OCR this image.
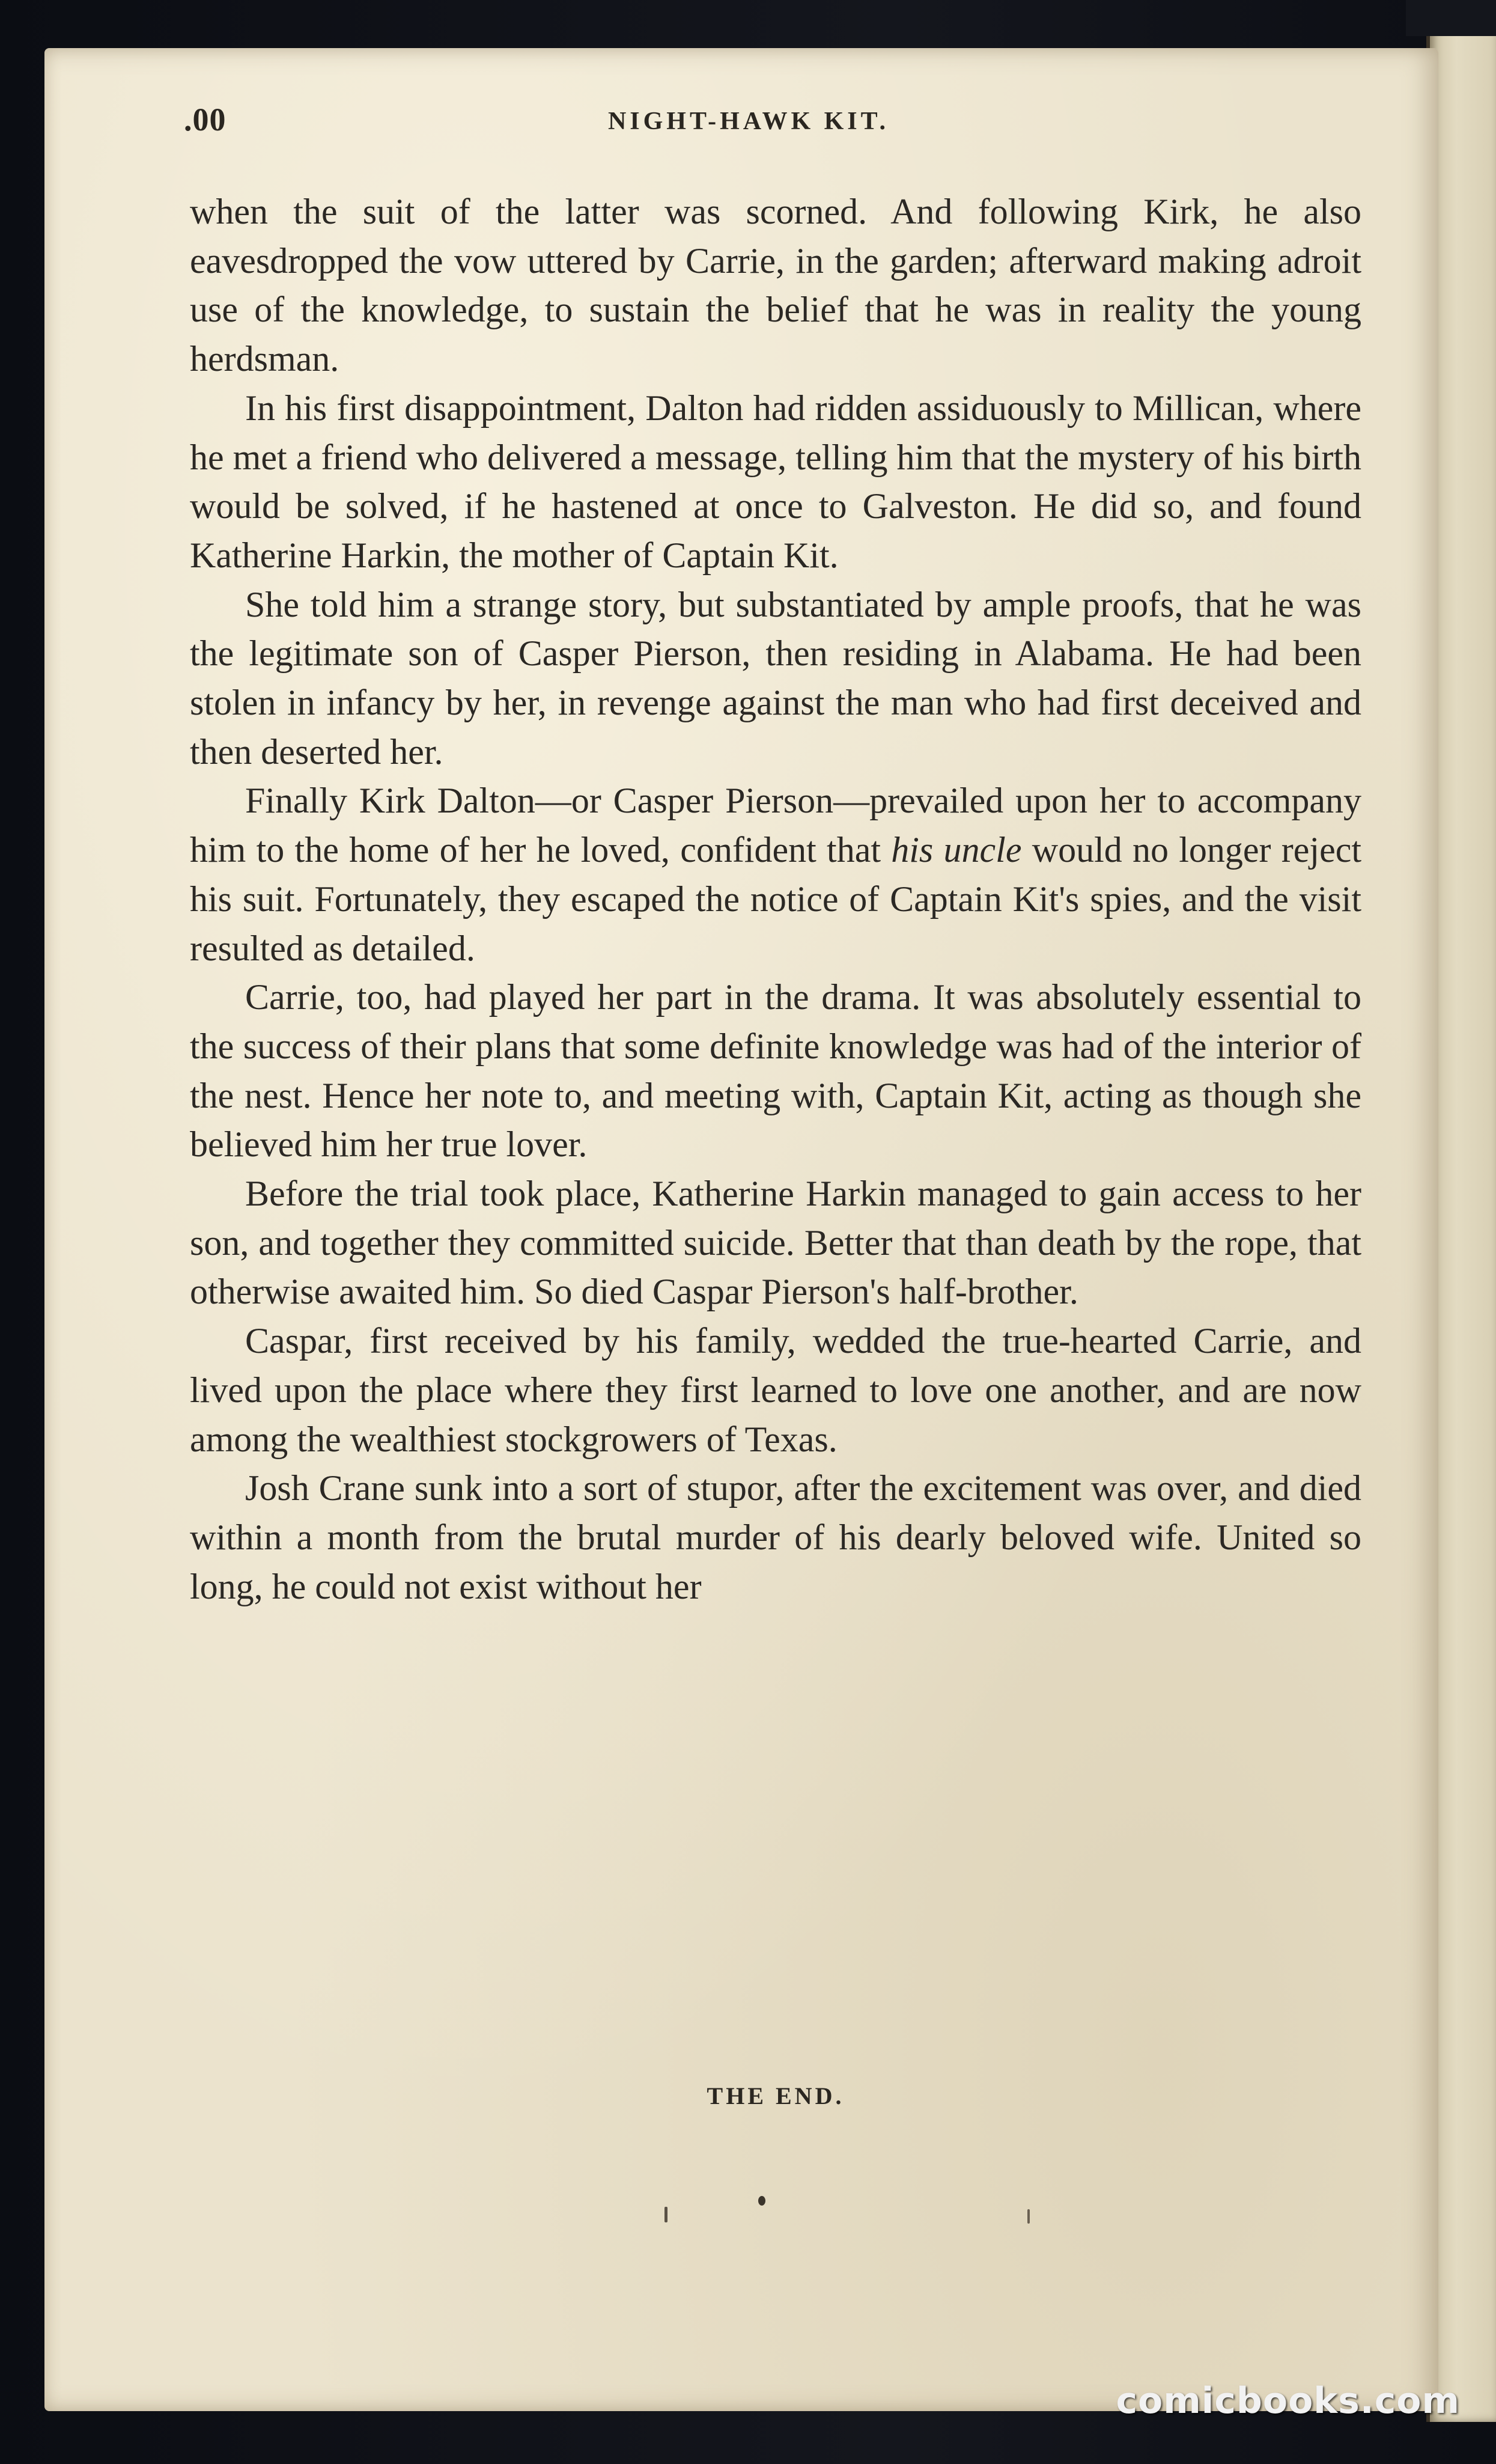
.00	NIGHT-HAWK KIT.

when the suit of the latter was scorned. And following Kirk, he also eavesdropped the vow uttered by Carrie, in the garden; afterward making adroit use of the knowledge, to sustain the belief that he was in reality the young herdsman.

In his first disappointment, Dalton had ridden assiduously to Millican, where he met a friend who delivered a message, telling him that the mystery of his birth would be solved, if he hastened at once to Galveston. He did so, and found Katherine Harkin, the mother of Captain Kit.

She told him a strange story, but substantiated by ample proofs, that he was the legitimate son of Casper Pierson, then residing in Alabama. He had been stolen in infancy by her, in revenge against the man who had first deceived and then deserted her.

Finally Kirk Dalton—or Casper Pierson—prevailed upon her to accompany him to the home of her he loved, confident that his uncle would no longer reject his suit. Fortunately, they escaped the notice of Captain Kit's spies, and the visit resulted as detailed.

Carrie, too, had played her part in the drama. It was absolutely essential to the success of their plans that some definite knowledge was had of the interior of the nest. Hence her note to, and meeting with, Captain Kit, acting as though she believed him her true lover.

Before the trial took place, Katherine Harkin managed to gain access to her son, and together they committed suicide. Better that than death by the rope, that otherwise awaited him. So died Caspar Pierson's half-brother.

Caspar, first received by his family, wedded the true-hearted Carrie, and lived upon the place where they first learned to love one another, and are now among the wealthiest stockgrowers of Texas.

Josh Crane sunk into a sort of stupor, after the excitement was over, and died within a month from the brutal murder of his dearly beloved wife. United so long, he could not exist without her

THE END.
comicbooks.com
